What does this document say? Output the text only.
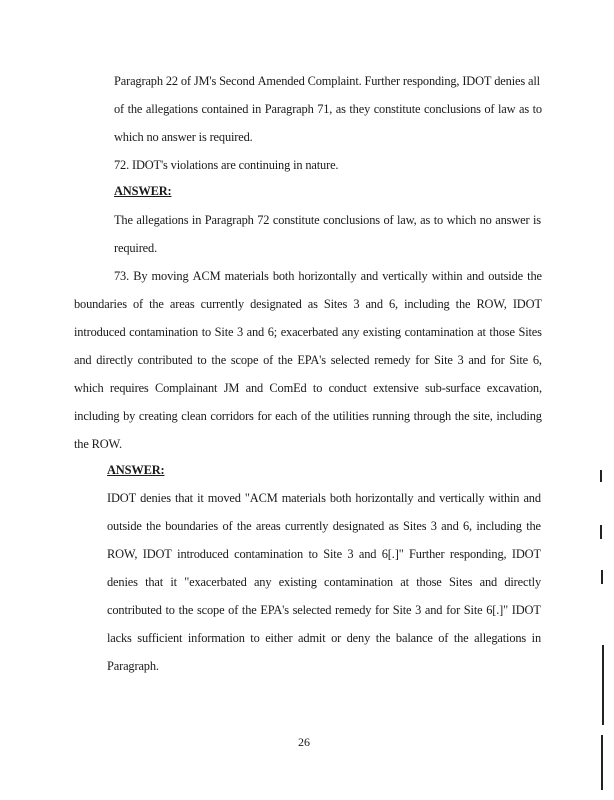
Paragraph 22 of JM's Second Amended Complaint. Further responding, IDOT denies all
of the allegations contained in Paragraph 71, as they constitute conclusions of law as to
which no answer is required.
72. IDOT's violations are continuing in nature.
ANSWER:
The allegations in Paragraph 72 constitute conclusions of law, as to which no answer is
required.
73. By moving ACM materials both horizontally and vertically within and outside the
boundaries of the areas currently designated as Sites 3 and 6, including the ROW, IDOT
introduced contamination to Site 3 and 6; exacerbated any existing contamination at those Sites
and directly contributed to the scope of the EPA's selected remedy for Site 3 and for Site 6,
which requires Complainant JM and ComEd to conduct extensive sub-surface excavation,
including by creating clean corridors for each of the utilities running through the site, including
the ROW.
ANSWER:
IDOT denies that it moved "ACM materials both horizontally and vertically within and
outside the boundaries of the areas currently designated as Sites 3 and 6, including the
ROW, IDOT introduced contamination to Site 3 and 6[.]" Further responding, IDOT
denies that it "exacerbated any existing contamination at those Sites and directly
contributed to the scope of the EPA's selected remedy for Site 3 and for Site 6[.]" IDOT
lacks sufficient information to either admit or deny the balance of the allegations in
Paragraph.
26
